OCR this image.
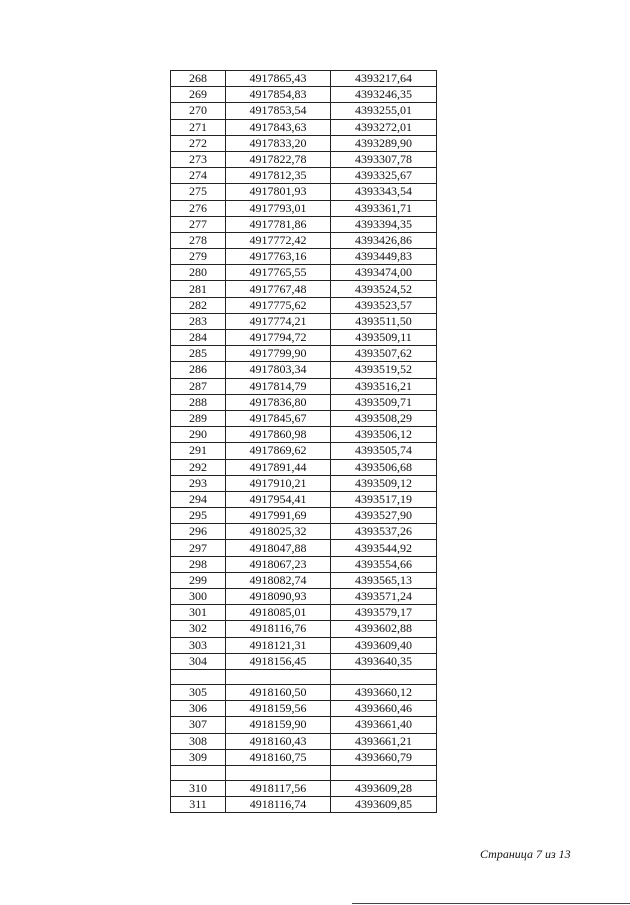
268	4917865,43	4393217,64
269	4917854,83	4393246,35
270	4917853,54	4393255,01
271	4917843,63	4393272,01
272	4917833,20	4393289,90
273	4917822,78	4393307,78
274	4917812,35	4393325,67
275	4917801,93	4393343,54
276	4917793,01	4393361,71
277	4917781,86	4393394,35
278	4917772,42	4393426,86
279	4917763,16	4393449,83
280	4917765,55	4393474,00
281	4917767,48	4393524,52
282	4917775,62	4393523,57
283	4917774,21	4393511,50
284	4917794,72	4393509,11
285	4917799,90	4393507,62
286	4917803,34	4393519,52
287	4917814,79	4393516,21
288	4917836,80	4393509,71
289	4917845,67	4393508,29
290	4917860,98	4393506,12
291	4917869,62	4393505,74
292	4917891,44	4393506,68
293	4917910,21	4393509,12
294	4917954,41	4393517,19
295	4917991,69	4393527,90
296	4918025,32	4393537,26
297	4918047,88	4393544,92
298	4918067,23	4393554,66
299	4918082,74	4393565,13
300	4918090,93	4393571,24
301	4918085,01	4393579,17
302	4918116,76	4393602,88
303	4918121,31	4393609,40
304	4918156,45	4393640,35

305	4918160,50	4393660,12
306	4918159,56	4393660,46
307	4918159,90	4393661,40
308	4918160,43	4393661,21
309	4918160,75	4393660,79

310	4918117,56	4393609,28
311	4918116,74	4393609,85
Страница 7 из 13
